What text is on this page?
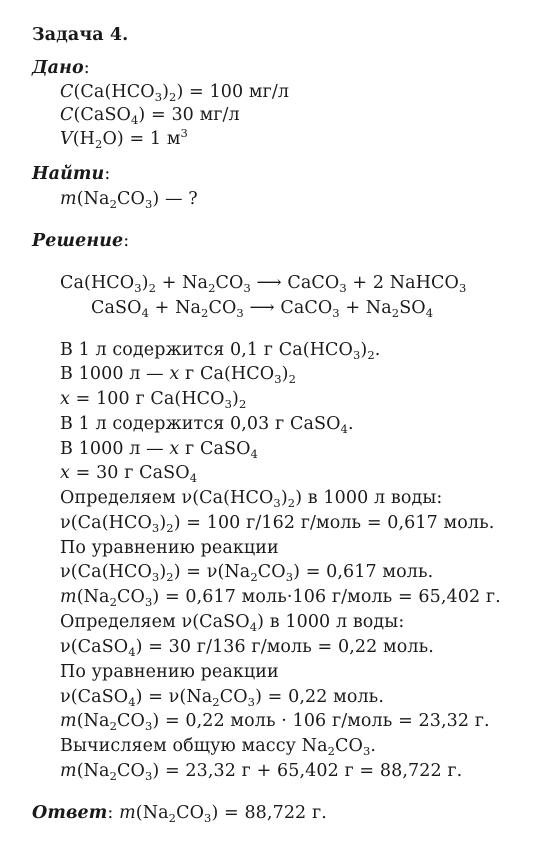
Задача 4.
Дано:
$C(Ca(HCO_3)_2) = 100$ мг/л
C(CaSO$_4$) = 30 мг/л
$V(H_2O) = 1$ $м^3$
Найти:
$m(Na_2CO_3)$ — ?
Решение:
$Ca(HCO_3)_2 + Na_2CO_3$ ⟶ CaCO$_3$ + 2 NaHCO$_3$
CaSO$_4$ + $Na_2CO_3$ ⟶ CaCO$_3$ + $Na_2SO_4$
В 1 л содержится 0,1 г $Ca(HCO_3)_2$.
В 1000 л — x г $Ca(HCO_3)_2$
x = 100 г $Ca(HCO_3)_2$
В 1 л содержится 0,03 г CaSO$_4$.
В 1000 л — x г CaSO$_4$
x = 30 г CaSO$_4$
Определяем $\nu(Ca(HCO_3)_2)$ в 1000 л воды:
$\nu(Ca(HCO_3)_2) = 100$ г/162 г/моль = 0,617 моль.
По уравнению реакции
$\nu(Ca(HCO_3)_2) = \nu(Na_2CO_3) = 0,617$ моль.
$m(Na_2CO_3) = 0,617$ моль·106 г/моль = 65,402 г.
Определяем ν(CaSO$_4$) в 1000 л воды:
ν(CaSO$_4$) = 30 г/136 г/моль = 0,22 моль.
По уравнению реакции
ν(CaSO$_4$) = $\nu(Na_2CO_3) = 0,22$ моль.
$m(Na_2CO_3) = 0,22$ моль · 106 г/моль = 23,32 г.
Вычисляем общую массу $Na_2CO_3$.
$m(Na_2CO_3) = 23,32$ г + 65,402 г = 88,722 г.
Ответ: $m(Na_2CO_3) = 88,722$ г.
